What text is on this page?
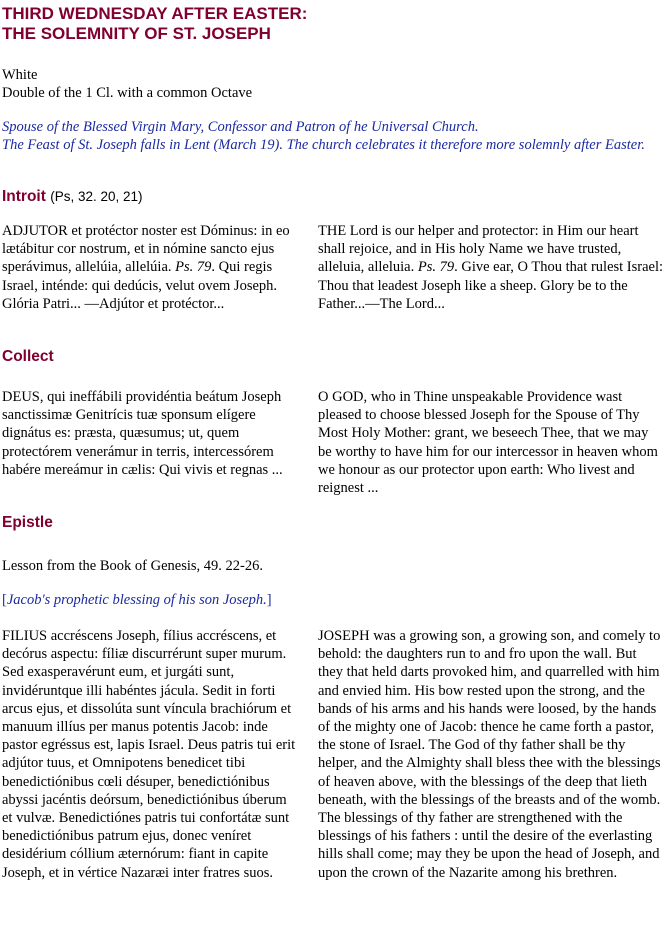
THIRD WEDNESDAY AFTER EASTER:
THE SOLEMNITY OF ST. JOSEPH
White
Double of the 1 Cl. with a common Octave
Spouse of the Blessed Virgin Mary, Confessor and Patron of he Universal Church.
The Feast of St. Joseph falls in Lent (March 19). The church celebrates it therefore more solemnly after Easter.
Introit (Ps, 32. 20, 21)
ADJUTOR et protéctor noster est Dóminus: in eo lætábitur cor nostrum, et in nómine sancto ejus sperávimus, allelúia, allelúia. Ps. 79. Qui regis Israel, inténde: qui dedúcis, velut ovem Joseph. Glória Patri... —Adjútor et protéctor...
THE Lord is our helper and protector: in Him our heart shall rejoice, and in His holy Name we have trusted, alleluia, alleluia. Ps. 79. Give ear, O Thou that rulest Israel: Thou that leadest Joseph like a sheep. Glory be to the Father...—The Lord...
Collect
DEUS, qui ineffábili providéntia beátum Joseph sanctissimæ Genitrícis tuæ sponsum elígere dignátus es: præsta, quæsumus; ut, quem protectórem venerámur in terris, intercessórem habére mereámur in cælis: Qui vivis et regnas ...
O GOD, who in Thine unspeakable Providence wast pleased to choose blessed Joseph for the Spouse of Thy Most Holy Mother: grant, we beseech Thee, that we may be worthy to have him for our intercessor in heaven whom we honour as our protector upon earth: Who livest and reignest ...
Epistle
Lesson from the Book of Genesis, 49. 22-26.
[Jacob's prophetic blessing of his son Joseph.]
FILIUS accréscens Joseph, fílius accréscens, et decórus aspectu: fíliæ discurrérunt super murum. Sed exasperavérunt eum, et jurgáti sunt, invidéruntque illi habéntes jácula. Sedit in forti arcus ejus, et dissolúta sunt víncula brachiórum et manuum illíus per manus potentis Jacob: inde pastor egréssus est, lapis Israel. Deus patris tui erit adjútor tuus, et Omnipotens benedicet tibi benedictiónibus cœli désuper, benedictiónibus abyssi jacéntis deórsum, benedictiónibus úberum et vulvæ. Benedictiónes patris tui confortátæ sunt benedictiónibus patrum ejus, donec veníret desidérium cóllium æternórum: fiant in capite Joseph, et in vértice Nazaræi inter fratres suos.
JOSEPH was a growing son, a growing son, and comely to behold: the daughters run to and fro upon the wall. But they that held darts provoked him, and quarrelled with him and envied him. His bow rested upon the strong, and the bands of his arms and his hands were loosed, by the hands of the mighty one of Jacob: thence he came forth a pastor, the stone of Israel. The God of thy father shall be thy helper, and the Almighty shall bless thee with the blessings of heaven above, with the blessings of the deep that lieth beneath, with the blessings of the breasts and of the womb. The blessings of thy father are strengthened with the blessings of his fathers : until the desire of the everlasting hills shall come; may they be upon the head of Joseph, and upon the crown of the Nazarite among his brethren.
